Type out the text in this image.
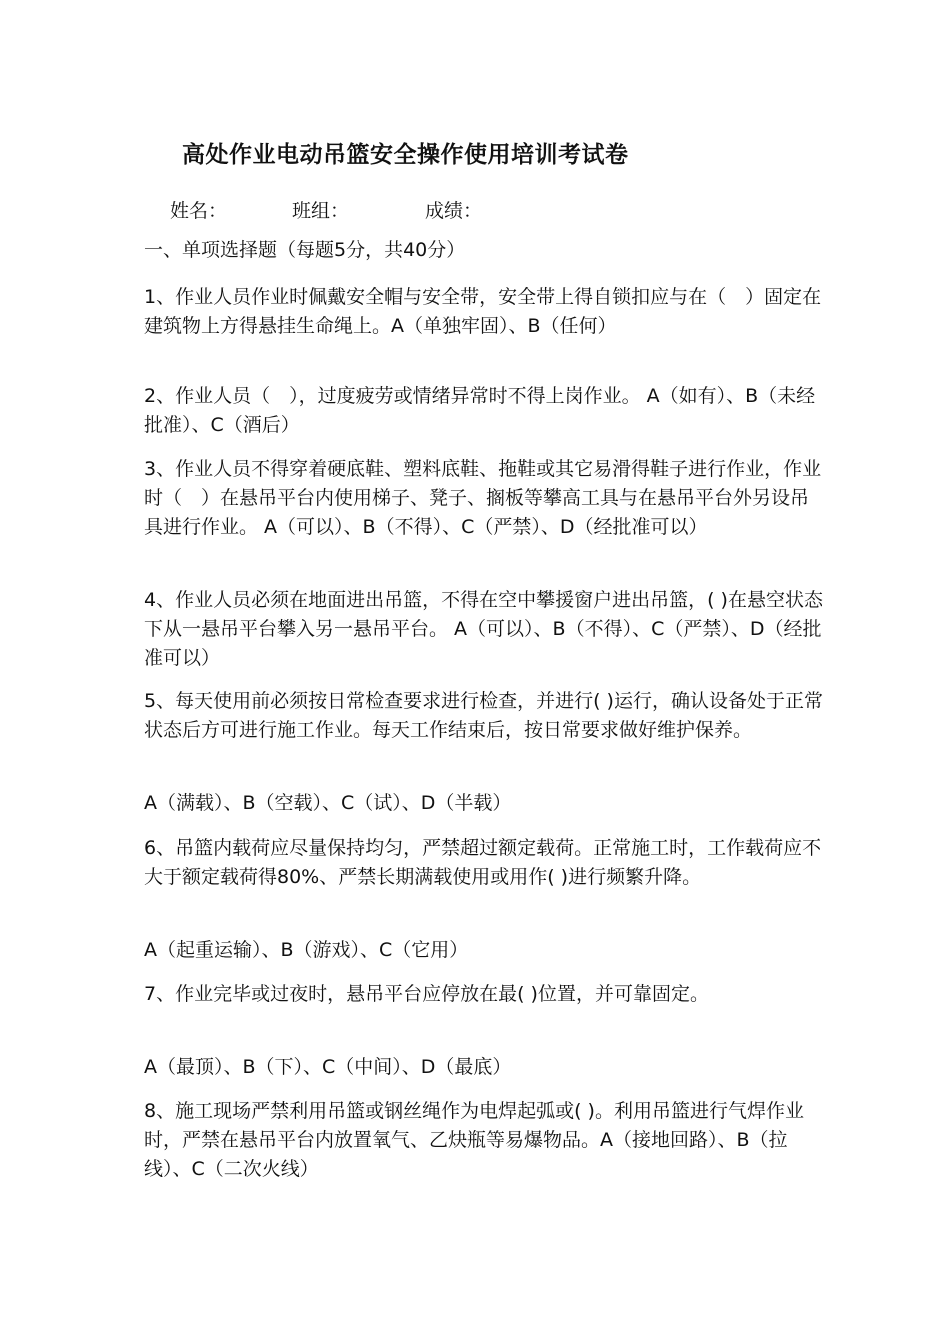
高处作业电动吊篮安全操作使用培训考试卷
姓名：	班组：	成绩：
一、单项选择题（每题5分，共40分）
1、作业人员作业时佩戴安全帽与安全带，安全带上得自锁扣应与在（　）固定在建筑物上方得悬挂生命绳上。A（单独牢固）、B（任何）
2、作业人员（　），过度疲劳或情绪异常时不得上岗作业。 A（如有）、B（未经批准）、C（酒后）
3、作业人员不得穿着硬底鞋、塑料底鞋、拖鞋或其它易滑得鞋子进行作业，作业时（　）在悬吊平台内使用梯子、凳子、搁板等攀高工具与在悬吊平台外另设吊具进行作业。 A（可以）、B（不得）、C（严禁）、D（经批准可以）
4、作业人员必须在地面进出吊篮，不得在空中攀援窗户进出吊篮，( )在悬空状态下从一悬吊平台攀入另一悬吊平台。 A（可以）、B（不得）、C（严禁）、D（经批准可以）
5、每天使用前必须按日常检查要求进行检查，并进行( )运行，确认设备处于正常状态后方可进行施工作业。每天工作结束后，按日常要求做好维护保养。
A（满载）、B（空载）、C（试）、D（半载）
6、吊篮内载荷应尽量保持均匀，严禁超过额定载荷。正常施工时，工作载荷应不大于额定载荷得80%、严禁长期满载使用或用作( )进行频繁升降。
A（起重运输）、B（游戏）、C（它用）
7、作业完毕或过夜时，悬吊平台应停放在最( )位置，并可靠固定。
A（最顶）、B（下）、C（中间）、D（最底）
8、施工现场严禁利用吊篮或钢丝绳作为电焊起弧或( )。利用吊篮进行气焊作业时，严禁在悬吊平台内放置氧气、乙炔瓶等易爆物品。A（接地回路）、B（拉线）、C（二次火线）
